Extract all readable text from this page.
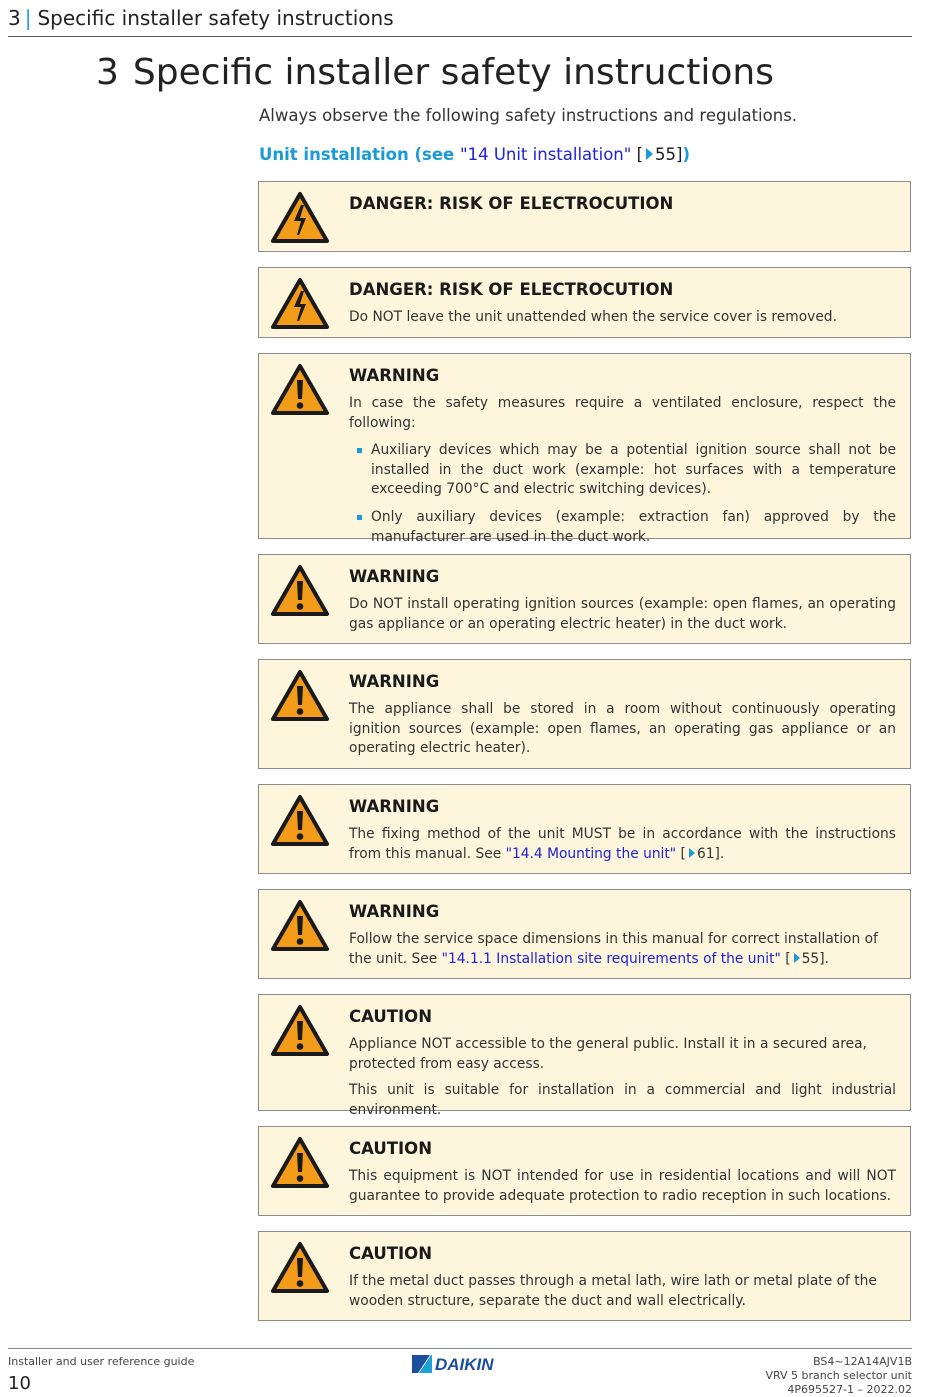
3 | Specific installer safety instructions
3 Specific installer safety instructions
Always observe the following safety instructions and regulations.
Unit installation (see "14 Unit installation" [ 55])
DANGER: RISK OF ELECTROCUTION
DANGER: RISK OF ELECTROCUTION
Do NOT leave the unit unattended when the service cover is removed.
WARNING
In case the safety measures require a ventilated enclosure, respect the following:
Auxiliary devices which may be a potential ignition source shall not be installed in the duct work (example: hot surfaces with a temperature exceeding 700°C and electric switching devices).
Only auxiliary devices (example: extraction fan) approved by the manufacturer are used in the duct work.
WARNING
Do NOT install operating ignition sources (example: open flames, an operating gas appliance or an operating electric heater) in the duct work.
WARNING
The appliance shall be stored in a room without continuously operating ignition sources (example: open flames, an operating gas appliance or an operating electric heater).
WARNING
The fixing method of the unit MUST be in accordance with the instructions from this manual. See "14.4 Mounting the unit" [ 61].
WARNING
Follow the service space dimensions in this manual for correct installation of the unit. See "14.1.1 Installation site requirements of the unit" [ 55].
CAUTION
Appliance NOT accessible to the general public. Install it in a secured area, protected from easy access.
This unit is suitable for installation in a commercial and light industrial environment.
CAUTION
This equipment is NOT intended for use in residential locations and will NOT guarantee to provide adequate protection to radio reception in such locations.
CAUTION
If the metal duct passes through a metal lath, wire lath or metal plate of the wooden structure, separate the duct and wall electrically.
Installer and user reference guide
10
DAIKIN	BS4~12A14AJV1B
VRV 5 branch selector unit
4P695527-1 – 2022.02
